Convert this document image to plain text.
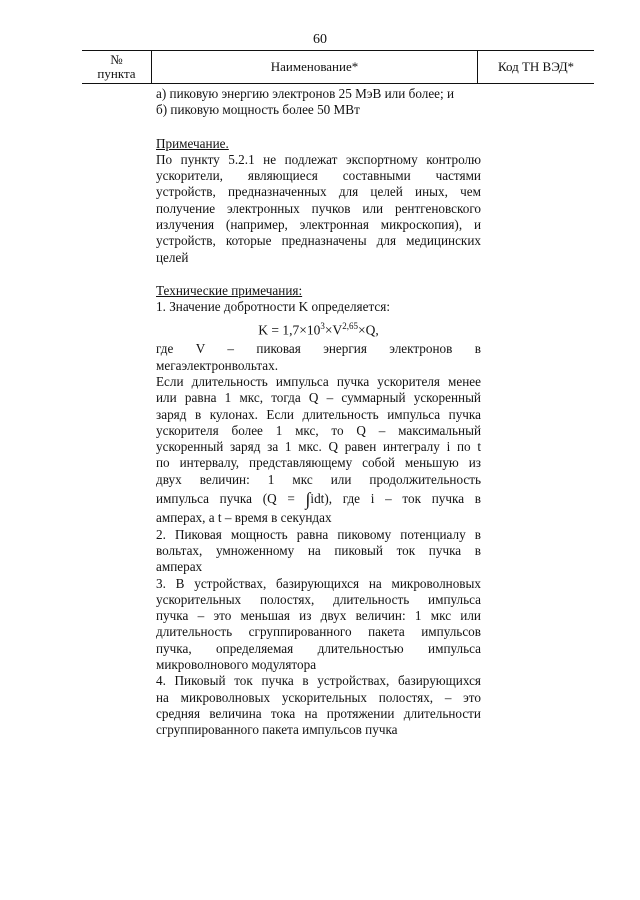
60
№
пункта	Наименование*	Код ТН ВЭД*
а) пиковую энергию электронов 25 МэВ или более; и
б) пиковую мощность более 50 МВт
Примечание.
По пункту 5.2.1 не подлежат экспортному контролю
ускорители, являющиеся составными частями
устройств, предназначенных для целей иных, чем
получение электронных пучков или рентгеновского
излучения (например, электронная микроскопия), и
устройств, которые предназначены для медицинских
целей
Технические примечания:
1. Значение добротности K определяется:
$K = 1,7\times 10^3\times V^{2,65}\times Q$,
где V – пиковая энергия электронов в
мегаэлектронвольтах.
Если длительность импульса пучка ускорителя менее
или равна 1 мкс, тогда Q – суммарный ускоренный
заряд в кулонах. Если длительность импульса пучка
ускорителя более 1 мкс, то Q – максимальный
ускоренный заряд за 1 мкс. Q равен интегралу i по t
по интервалу, представляющему собой меньшую из
двух величин: 1 мкс или продолжительность
импульса пучка (Q = ∫idt), где i – ток пучка в
амперах, а t – время в секундах
2. Пиковая мощность равна пиковому потенциалу в
вольтах, умноженному на пиковый ток пучка в
амперах
3. В устройствах, базирующихся на микроволновых
ускорительных полостях, длительность импульса
пучка – это меньшая из двух величин: 1 мкс или
длительность сгруппированного пакета импульсов
пучка, определяемая длительностью импульса
микроволнового модулятора
4. Пиковый ток пучка в устройствах, базирующихся
на микроволновых ускорительных полостях, – это
средняя величина тока на протяжении длительности
сгруппированного пакета импульсов пучка
